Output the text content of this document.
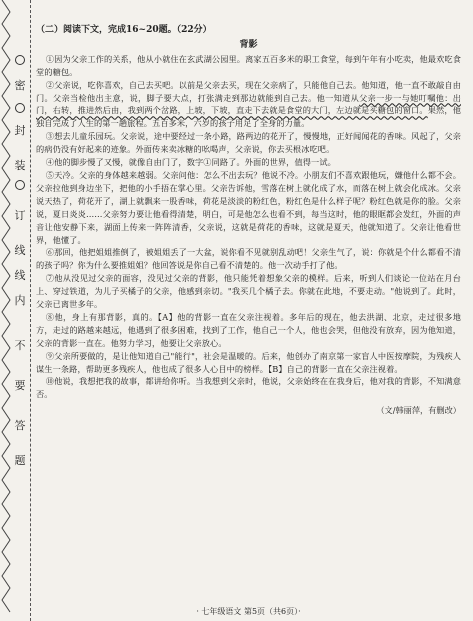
密
封
装
订
线
线
内
不
要
答
题

（二）阅读下文，完成16~20题。（22分）

背影

①因为父亲工作的关系，他从小就住在玄武湖公园里。离家五百多米的职工食堂，每到午年有小吃卖，他最欢吃食堂的糖包。

②父亲说，吃你喜欢，自己去买吧。以前是父亲去买，现在父亲病了，只能他自己去。他知道，他一直不敢敲自由门。父亲当检他出主意，说，脚子要大点，打张满走到那边就能到自己去。他一知道从父亲一步一与她叮嘱他：出门，右转，推进然后由，我到两个岔路，上坡，下坡，直走下去就是食堂的大门，左边就是买糖包的窗口。果然，他独自完成了人生的第一趟旅程。五百多米，六岁的孩子用足了全身的力量。

③想去儿童乐园玩。父亲说，途中要经过一条小路，路两边的花开了，慢慢地，正好闻闻花的香味。风起了，父亲的病仍没有好起来的迹象。外面传来卖冰糖的吆喝声，父亲说，你去买根冰吃吧。

④他的脚步慢了又慢，就像自由门了，数字①同路了。外面的世界，值得一试。

⑤天冷。父亲的身体越来越弱。父亲问他：怎么不出去玩？他说不冷。小朋友们不喜欢跟他玩，嫌他什么都不会。父亲拉他到身边坐下，把他的小手捂在掌心里。父亲告诉他，雪落在树上就化成了水，而落在树上就会化成冰。父亲说天热了，荷花开了，湖上就飘来一股香味，荷花是淡淡的粉红色，粉红色是什么样子呢？粉红色就是你的脸。父亲说，夏日炎炎……父亲努力要让他看得清楚，明白，可是他怎么也看不到，每当这时，他的眼眶都会发红，外面的声音让他安静下来，湖面上传来一阵阵清香，父亲说，这就是荷花的香味，这就是夏天，他就知道了。父亲让他看世界，他懂了。

⑥那回，他把姐姐推倒了，被姐姐丢了一大盆，说你看不见就别乱动吧！父亲生气了，说：你就是个什么都看不清的孩子吗？你为什么要推姐姐？他回答说是你自己看不清楚的。他一次动手打了他。

⑦他从没见过父亲的面容，没见过父亲的背影，他只能凭着想象父亲的模样。后来，听到人们谈论一位站在月台上、穿过铁道，为儿子买橘子的父亲，他感到亲切。"我买几个橘子去。你就在此地，不要走动。"他说到了。此时，父亲已离世多年。

⑧他，身上有那背影，真的。【A】他的背影一直在父亲注视着。多年后的现在，他去洪湖、北京，走过很多地方，走过的路越来越远，他遇到了很多困难，找到了工作，他自己一个人，他也会哭，但他没有放弃，因为他知道，父亲的背影一直在。他努力学习，他要让父亲放心。

⑨父亲所要做的，是让他知道自己"能行"，社会是温暖的。后来，他创办了南京第一家盲人中医按摩院，为残疾人谋生一条路，帮助更多残疾人，他也成了很多人心目中的榜样。【B】自己的背影一直在父亲注视着。

⑩他说，我想把我的故事，都讲给你听。当我想到父亲时，他说，父亲始终在在我身后，他对我的背影，不知满意否。

（文/韩丽萍，有删改）

· 七年级语文 第5页（共6页）·
